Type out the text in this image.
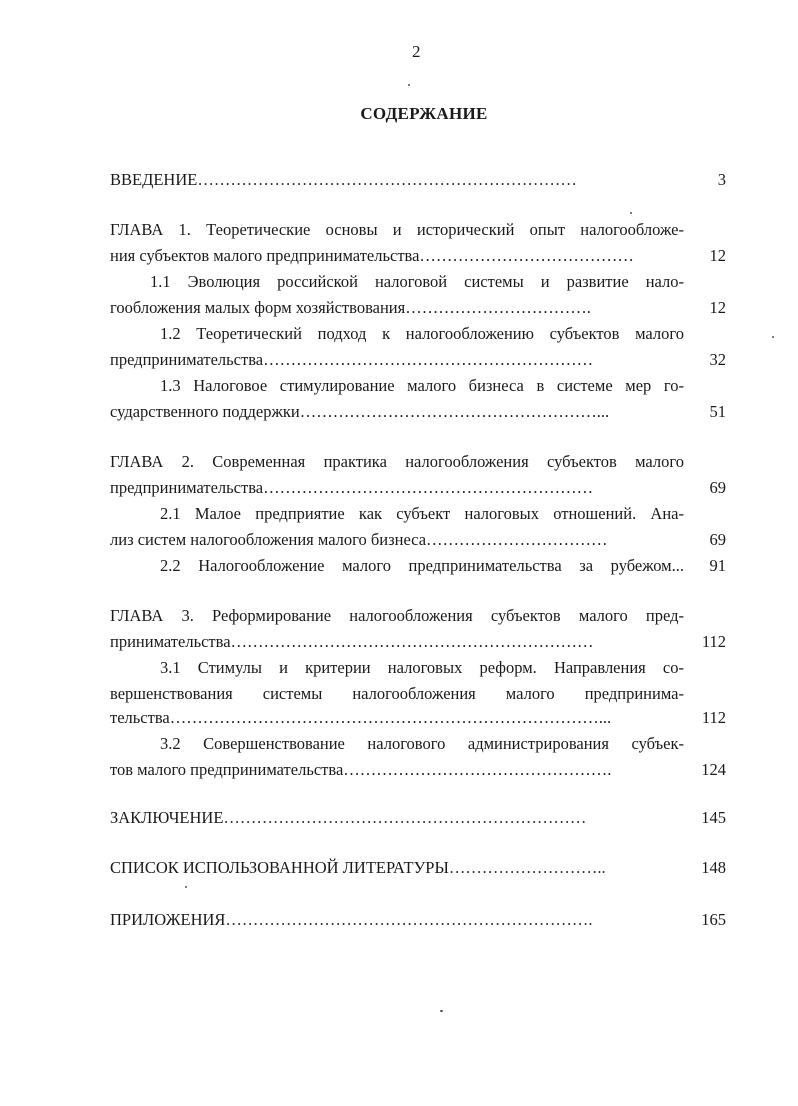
2
СОДЕРЖАНИЕ
ВВЕДЕНИЕ……………………………………………………………	3
ГЛАВА 1. Теоретические основы и исторический опыт налогообложе-
ния субъектов малого предпринимательства…………………………………	12
1.1 Эволюция российской налоговой системы и развитие нало-
гообложения малых форм хозяйствования…………………………….	12
1.2 Теоретический подход к налогообложению субъектов малого
предпринимательства……………………………………………………	32
1.3 Налоговое стимулирование малого бизнеса в системе мер го-
сударственного поддержки………………………………………………...	51
ГЛАВА 2. Современная практика налогообложения субъектов малого
предпринимательства……………………………………………………	69
2.1 Малое предприятие как субъект налоговых отношений. Ана-
лиз систем налогообложения малого бизнеса……………………………	69
2.2 Налогообложение малого предпринимательства за рубежом...	91
ГЛАВА 3. Реформирование налогообложения субъектов малого пред-
принимательства…………………………………………………………	112
3.1 Стимулы и критерии налоговых реформ. Направления со-
вершенствования системы налогообложения малого предпринима-
тельства……………………………………………………………………...	112
3.2 Совершенствование налогового администрирования субъек-
тов малого предпринимательства………………………………………….	124
ЗАКЛЮЧЕНИЕ…………………………………………………………	145
СПИСОК ИСПОЛЬЗОВАННОЙ ЛИТЕРАТУРЫ………………………..	148
ПРИЛОЖЕНИЯ………………………………………………………….	165
